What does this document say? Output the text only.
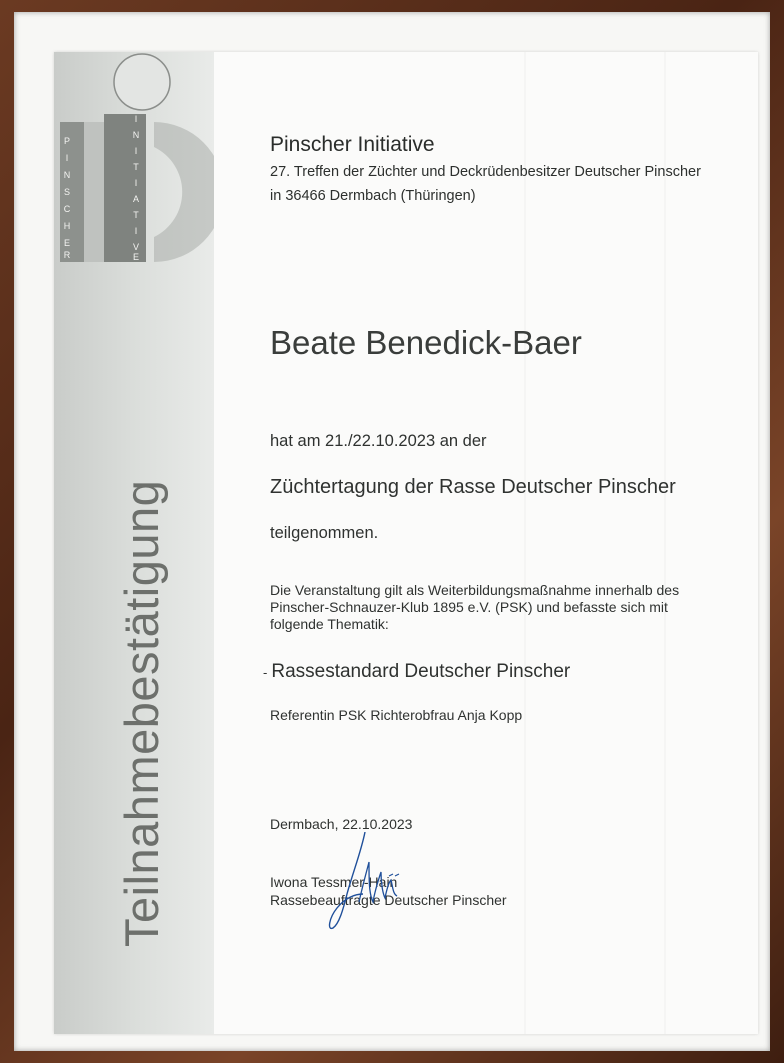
P
I
N
S
C
H
E
R
I
N
I
T
I
A
T
I
V
E
Teilnahmebestätigung
Pinscher Initiative
27. Treffen der Züchter und Deckrüdenbesitzer Deutscher Pinscher
in 36466 Dermbach (Thüringen)
Beate Benedick-Baer
hat am 21./22.10.2023 an der
Züchtertagung der Rasse Deutscher Pinscher
teilgenommen.
Die Veranstaltung gilt als Weiterbildungsmaßnahme innerhalb des
Pinscher-Schnauzer-Klub 1895 e.V. (PSK) und befasste sich mit
folgende Thematik:
- Rassestandard Deutscher Pinscher
Referentin PSK Richterobfrau Anja Kopp
Dermbach, 22.10.2023
Iwona Tessmer-Hain
Rassebeauftragte Deutscher Pinscher
